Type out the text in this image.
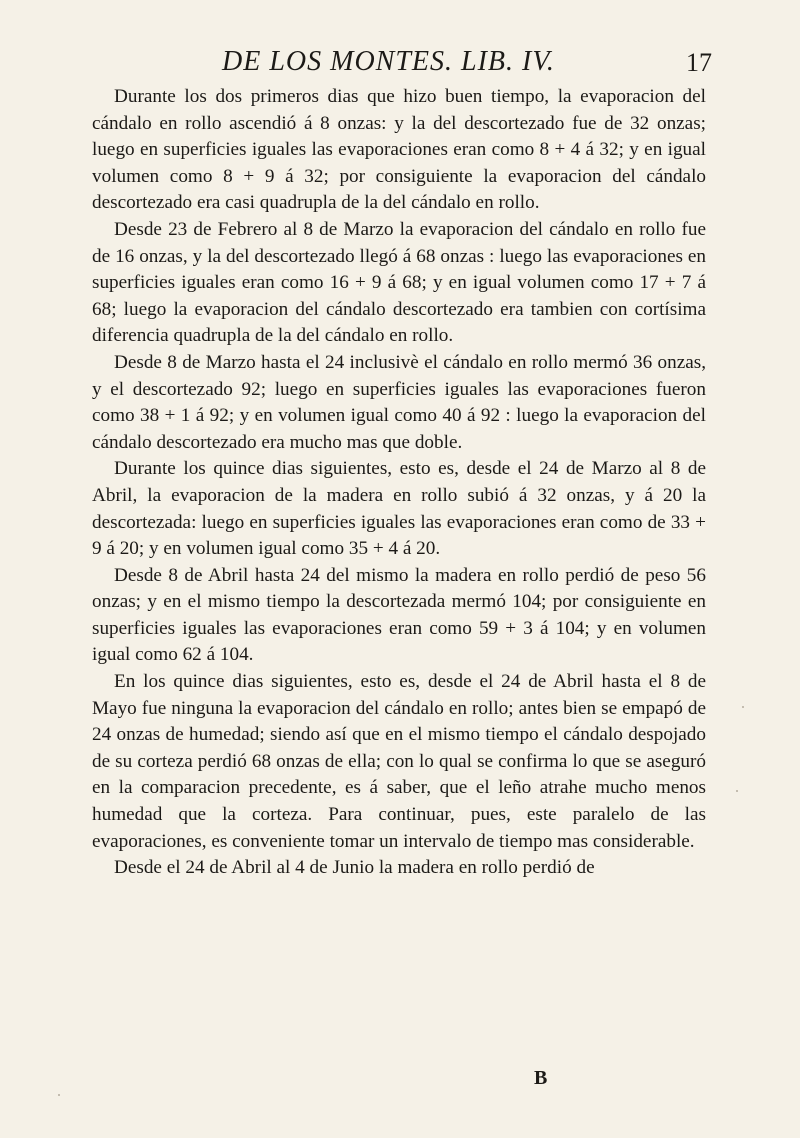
DE LOS MONTES. LIB. IV.	17

Durante los dos primeros dias que hizo buen tiempo, la evaporacion del cándalo en rollo ascendió á 8 onzas: y la del descortezado fue de 32 onzas; luego en superficies iguales las evaporaciones eran como 8 + 4 á 32; y en igual volumen como 8 + 9 á 32; por consiguiente la evaporacion del cándalo descortezado era casi quadrupla de la del cándalo en rollo.

Desde 23 de Febrero al 8 de Marzo la evaporacion del cándalo en rollo fue de 16 onzas, y la del descortezado llegó á 68 onzas : luego las evaporaciones en superficies iguales eran como 16 + 9 á 68; y en igual volumen como 17 + 7 á 68; luego la evaporacion del cándalo descortezado era tambien con cortísima diferencia quadrupla de la del cándalo en rollo.

Desde 8 de Marzo hasta el 24 inclusivè el cándalo en rollo mermó 36 onzas, y el descortezado 92; luego en superficies iguales las evaporaciones fueron como 38 + 1 á 92; y en volumen igual como 40 á 92 : luego la evaporacion del cándalo descortezado era mucho mas que doble.

Durante los quince dias siguientes, esto es, desde el 24 de Marzo al 8 de Abril, la evaporacion de la madera en rollo subió á 32 onzas, y á 20 la descortezada: luego en superficies iguales las evaporaciones eran como de 33 + 9 á 20; y en volumen igual como 35 + 4 á 20.

Desde 8 de Abril hasta 24 del mismo la madera en rollo perdió de peso 56 onzas; y en el mismo tiempo la descortezada mermó 104; por consiguiente en superficies iguales las evaporaciones eran como 59 + 3 á 104; y en volumen igual como 62 á 104.

En los quince dias siguientes, esto es, desde el 24 de Abril hasta el 8 de Mayo fue ninguna la evaporacion del cándalo en rollo; antes bien se empapó de 24 onzas de humedad; siendo así que en el mismo tiempo el cándalo despojado de su corteza perdió 68 onzas de ella; con lo qual se confirma lo que se aseguró en la comparacion precedente, es á saber, que el leño atrahe mucho menos humedad que la corteza. Para continuar, pues, este paralelo de las evaporaciones, es conveniente tomar un intervalo de tiempo mas considerable.

Desde el 24 de Abril al 4 de Junio la madera en rollo perdió de

B
